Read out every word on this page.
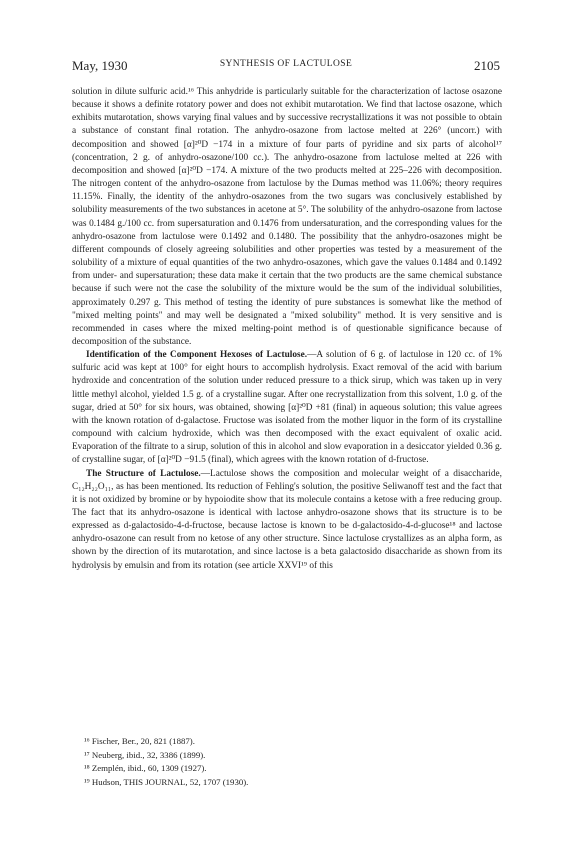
May, 1930	SYNTHESIS OF LACTULOSE	2105

solution in dilute sulfuric acid.¹⁶ This anhydride is particularly suitable for the characterization of lactose osazone because it shows a definite rotatory power and does not exhibit mutarotation. We find that lactose osazone, which exhibits mutarotation, shows varying final values and by successive recrystallizations it was not possible to obtain a substance of constant final rotation. The anhydro-osazone from lactose melted at 226° (uncorr.) with decomposition and showed [α]²⁰D −174 in a mixture of four parts of pyridine and six parts of alcohol¹⁷ (concentration, 2 g. of anhydro-osazone/100 cc.). The anhydro-osazone from lactulose melted at 226 with decomposition and showed [α]²⁰D −174. A mixture of the two products melted at 225–226 with decomposition. The nitrogen content of the anhydro-osazone from lactulose by the Dumas method was 11.06%; theory requires 11.15%. Finally, the identity of the anhydro-osazones from the two sugars was conclusively established by solubility measurements of the two substances in acetone at 5°. The solubility of the anhydro-osazone from lactose was 0.1484 g./100 cc. from supersaturation and 0.1476 from undersaturation, and the corresponding values for the anhydro-osazone from lactulose were 0.1492 and 0.1480. The possibility that the anhydro-osazones might be different compounds of closely agreeing solubilities and other properties was tested by a measurement of the solubility of a mixture of equal quantities of the two anhydro-osazones, which gave the values 0.1484 and 0.1492 from under- and supersaturation; these data make it certain that the two products are the same chemical substance because if such were not the case the solubility of the mixture would be the sum of the individual solubilities, approximately 0.297 g. This method of testing the identity of pure substances is somewhat like the method of "mixed melting points" and may well be designated a "mixed solubility" method. It is very sensitive and is recommended in cases where the mixed melting-point method is of questionable significance because of decomposition of the substance.

Identification of the Component Hexoses of Lactulose.—A solution of 6 g. of lactulose in 120 cc. of 1% sulfuric acid was kept at 100° for eight hours to accomplish hydrolysis. Exact removal of the acid with barium hydroxide and concentration of the solution under reduced pressure to a thick sirup, which was taken up in very little methyl alcohol, yielded 1.5 g. of a crystalline sugar. After one recrystallization from this solvent, 1.0 g. of the sugar, dried at 50° for six hours, was obtained, showing [α]²⁰D +81 (final) in aqueous solution; this value agrees with the known rotation of d-galactose. Fructose was isolated from the mother liquor in the form of its crystalline compound with calcium hydroxide, which was then decomposed with the exact equivalent of oxalic acid. Evaporation of the filtrate to a sirup, solution of this in alcohol and slow evaporation in a desiccator yielded 0.36 g. of crystalline sugar, of [α]²⁰D −91.5 (final), which agrees with the known rotation of d-fructose.

The Structure of Lactulose.—Lactulose shows the composition and molecular weight of a disaccharide, C₁₂H₂₂O₁₁, as has been mentioned. Its reduction of Fehling's solution, the positive Seliwanoff test and the fact that it is not oxidized by bromine or by hypoiodite show that its molecule contains a ketose with a free reducing group. The fact that its anhydro-osazone is identical with lactose anhydro-osazone shows that its structure is to be expressed as d-galactosido-4-d-fructose, because lactose is known to be d-galactosido-4-d-glucose¹⁸ and lactose anhydro-osazone can result from no ketose of any other structure. Since lactulose crystallizes as an alpha form, as shown by the direction of its mutarotation, and since lactose is a beta galactosido disaccharide as shown from its hydrolysis by emulsin and from its rotation (see article XXVI¹⁹ of this

¹⁶ Fischer, Ber., 20, 821 (1887).
¹⁷ Neuberg, ibid., 32, 3386 (1899).
¹⁸ Zemplén, ibid., 60, 1309 (1927).
¹⁹ Hudson, THIS JOURNAL, 52, 1707 (1930).
